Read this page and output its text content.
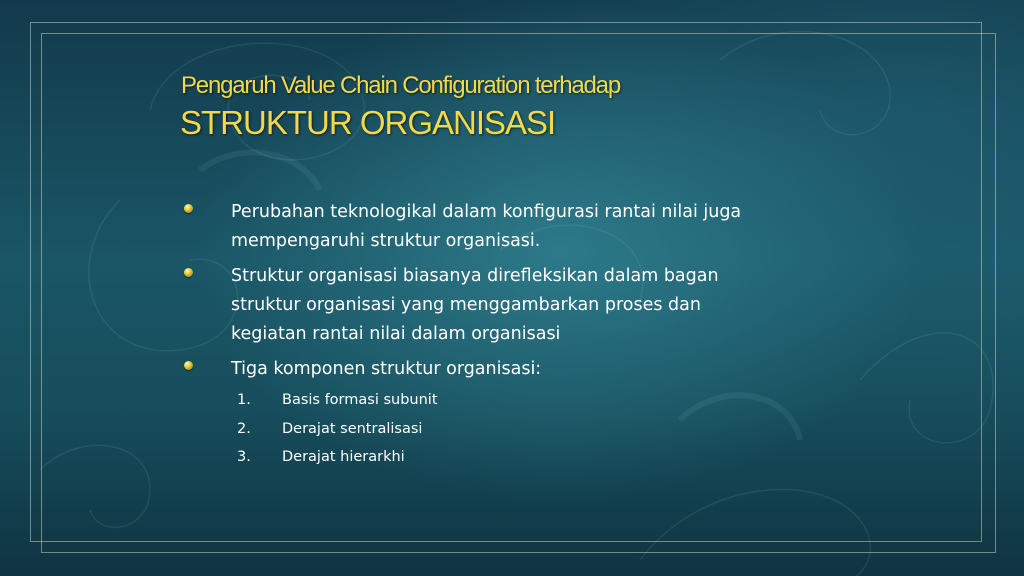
Pengaruh Value Chain Configuration terhadap
STRUKTUR ORGANISASI
Perubahan teknologikal dalam konfigurasi rantai nilai juga
mempengaruhi struktur organisasi.
Struktur organisasi biasanya direfleksikan dalam bagan
struktur organisasi yang menggambarkan proses dan
kegiatan rantai nilai dalam organisasi
Tiga komponen struktur organisasi:
1. Basis formasi subunit
2. Derajat sentralisasi
3. Derajat hierarkhi
